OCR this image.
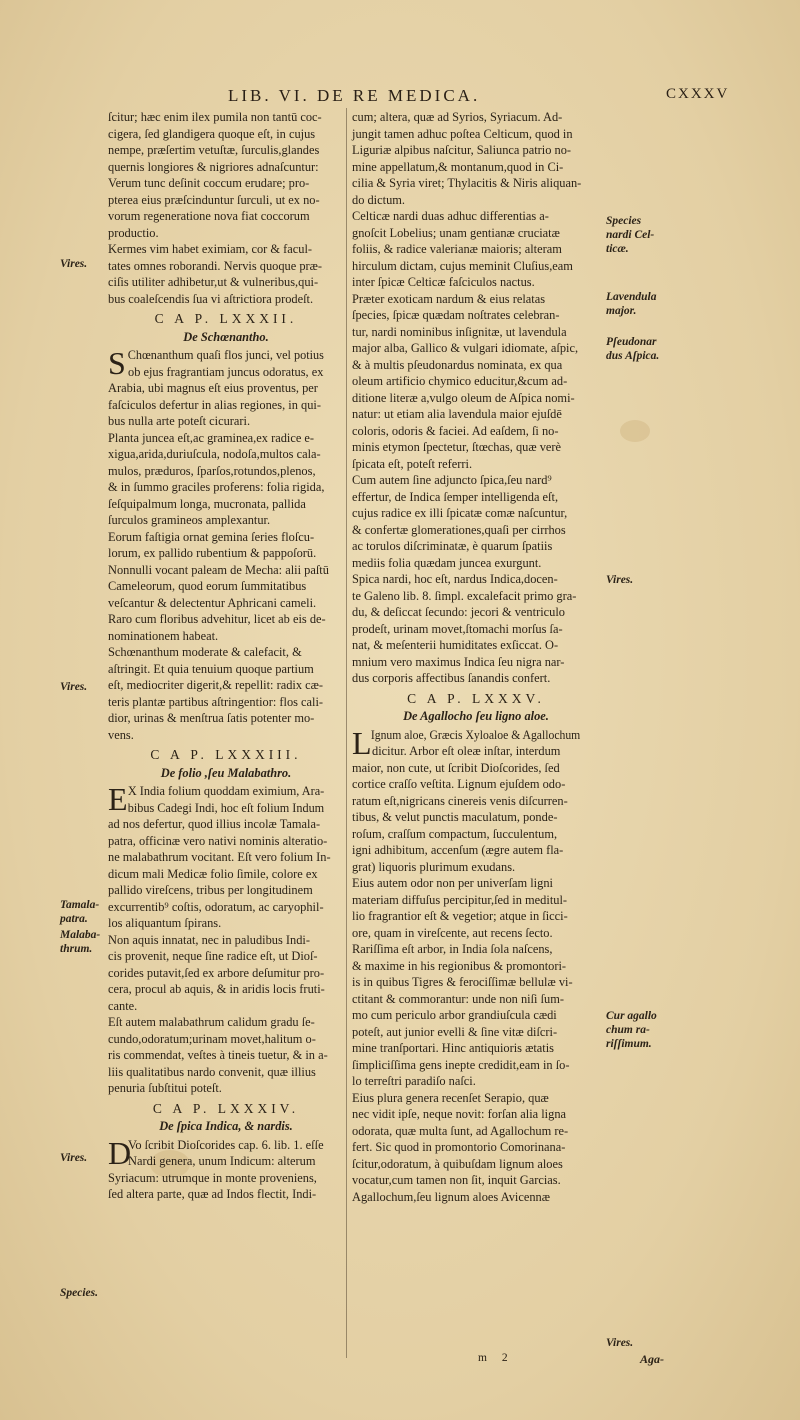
LIB. VI. DE RE MEDICA.	CXXXV
ſcitur; hæc enim ilex pumila non tantū coc-
cigera, ſed glandigera quoque eſt, in cujus
nempe, præſertim vetuſtæ, ſurculis,glandes
quernis longiores & nigriores adnaſcuntur:
Verum tunc deſinit coccum erudare; pro-
pterea eius præſcinduntur ſurculi, ut ex no-
vorum regeneratione nova fiat coccorum
productio.
Kermes vim habet eximiam, cor & facul-
tates omnes roborandi. Nervis quoque præ-
ciſis utiliter adhibetur,ut & vulneribus,qui-
bus coaleſcendis ſua vi aſtrictiora prodeſt.
C A P. LXXXII.
De Schœnantho.
S Chœnanthum quaſi flos junci, vel potius
ob ejus fragrantiam juncus odoratus, ex
Arabia, ubi magnus eſt eius proventus, per
faſciculos defertur in alias regiones, in qui-
bus nulla arte poteſt cicurari.
Planta juncea eſt,ac graminea,ex radice e-
xigua,arida,duriuſcula, nodoſa,multos cala-
mulos, præduros, ſparſos,rotundos,plenos,
& in ſummo graciles proferens: folia rigida,
ſeſquipalmum longa, mucronata, pallida
ſurculos gramineos amplexantur.
Eorum faſtigia ornat gemina ſeries floſcu-
lorum, ex pallido rubentium & pappoſorū.
Nonnulli vocant paleam de Mecha: alii paſtū
Cameleorum, quod eorum ſummitatibus
veſcantur & delectentur Aphricani cameli.
Raro cum floribus advehitur, licet ab eis de-
nominationem habeat.
Schœnanthum moderate & calefacit, &
aſtringit. Et quia tenuium quoque partium
eſt, mediocriter digerit,& repellit: radix cæ-
teris plantæ partibus aſtringentior: flos cali-
dior, urinas & menſtrua ſatis potenter mo-
vens.
C A P. LXXXIII.
De folio ,ſeu Malabathro.
E X India folium quoddam eximium, Ara-
bibus Cadegi Indi, hoc eſt folium Indum
ad nos defertur, quod illius incolæ Tamala-
patra, officinæ vero nativi nominis alteratio-
ne malabathrum vocitant. Eſt vero folium In-
dicum mali Medicæ folio ſimile, colore ex
pallido vireſcens, tribus per longitudinem
excurrentib⁹ coſtis, odoratum, ac caryophil-
los aliquantum ſpirans.
Non aquis innatat, nec in paludibus Indi-
cis provenit, neque ſine radice eſt, ut Dioſ-
corides putavit,ſed ex arbore deſumitur pro-
cera, procul ab aquis, & in aridis locis fruti-
cante.
Eſt autem malabathrum calidum gradu ſe-
cundo,odoratum;urinam movet,halitum o-
ris commendat, veſtes à tineis tuetur, & in a-
liis qualitatibus nardo convenit, quæ illius
penuria ſubſtitui poteſt.
C A P. LXXXIV.
De ſpica Indica, & nardis.
D
Vo ſcribit Dioſcorides cap. 6. lib. 1. eſſe
Nardi genera, unum Indicum: alterum
Syriacum: utrumque in monte proveniens,
ſed altera parte, quæ ad Indos flectit, Indi-
cum; altera, quæ ad Syrios, Syriacum. Ad-
jungit tamen adhuc poſtea Celticum, quod in
Liguriæ alpibus naſcitur, Saliunca patrio no-
mine appellatum,& montanum,quod in Ci-
cilia & Syria viret; Thylacitis & Niris aliquan-
do dictum.
Celticæ nardi duas adhuc differentias a-
gnoſcit Lobelius; unam gentianæ cruciatæ
foliis, & radice valerianæ maioris; alteram
hirculum dictam, cujus meminit Cluſius,eam
inter ſpicæ Celticæ faſciculos nactus.
Præter exoticam nardum & eius relatas
ſpecies, ſpicæ quædam noſtrates celebran-
tur, nardi nominibus inſignitæ, ut lavendula
major alba, Gallico & vulgari idiomate, aſpic,
& à multis pſeudonardus nominata, ex qua
oleum artificio chymico educitur,&cum ad-
ditione literæ a,vulgo oleum de Aſpica nomi-
natur: ut etiam alia lavendula maior ejuſdē
coloris, odoris & faciei. Ad eaſdem, ſi no-
minis etymon ſpectetur, ſtœchas, quæ verè
ſpicata eſt, poteſt referri.
Cum autem ſine adjuncto ſpica,ſeu nard⁹
effertur, de Indica ſemper intelligenda eſt,
cujus radice ex illi ſpicatæ comæ naſcuntur,
& confertæ glomerationes,quaſi per cirrhos
ac torulos diſcriminatæ, è quarum ſpatiis
mediis folia quædam juncea exurgunt.
Spica nardi, hoc eſt, nardus Indica,docen-
te Galeno lib. 8. ſimpl. excalefacit primo gra-
du, & deſiccat ſecundo: jecori & ventriculo
prodeſt, urinam movet,ſtomachi morſus ſa-
nat, & meſenterii humiditates exſiccat. O-
mnium vero maximus Indica ſeu nigra nar-
dus corporis affectibus ſanandis confert.
C A P. LXXXV.
De Agallocho ſeu ligno aloe.
L Ignum aloe, Græcis Xyloaloe & Agallochum
dicitur. Arbor eſt oleæ inſtar, interdum
maior, non cute, ut ſcribit Dioſcorides, ſed
cortice craſſo veſtita. Lignum ejuſdem odo-
ratum eſt,nigricans cinereis venis diſcurren-
tibus, & velut punctis maculatum, ponde-
roſum, craſſum compactum, ſucculentum,
igni adhibitum, accenſum (ægre autem fla-
grat) liquoris plurimum exudans.
Eius autem odor non per univerſam ligni
materiam diffuſus percipitur,ſed in meditul-
lio fragrantior eſt & vegetior; atque in ſicci-
ore, quam in vireſcente, aut recens ſecto.
Rariſſima eſt arbor, in India ſola naſcens,
& maxime in his regionibus & promontori-
is in quibus Tigres & ferociſſimæ bellulæ vi-
ctitant & commorantur: unde non niſi ſum-
mo cum periculo arbor grandiuſcula cædi
poteſt, aut junior evelli & ſine vitæ diſcri-
mine tranſportari. Hinc antiquioris ætatis
ſimpliciſſima gens inepte credidit,eam in ſo-
lo terreſtri paradiſo naſci.
Eius plura genera recenſet Serapio, quæ
nec vidit ipſe, neque novit: forſan alia ligna
odorata, quæ multa ſunt, ad Agallochum re-
fert. Sic quod in promontorio Comorinana-
ſcitur,odoratum, à quibuſdam lignum aloes
vocatur,cum tamen non ſit, inquit Garcias.
Agallochum,ſeu lignum aloes Avicennæ
Vires.
Vires.
Tamala-
patra.
Malaba-
thrum.
Vires.
Species.
Species
nardi Cel-
ticæ.
Lavendula
major.
Pſeudonar
dus Aſpica.
Vires.
Cur agallo
chum ra-
riſſimum.
Vires.
m 2	Aga-
